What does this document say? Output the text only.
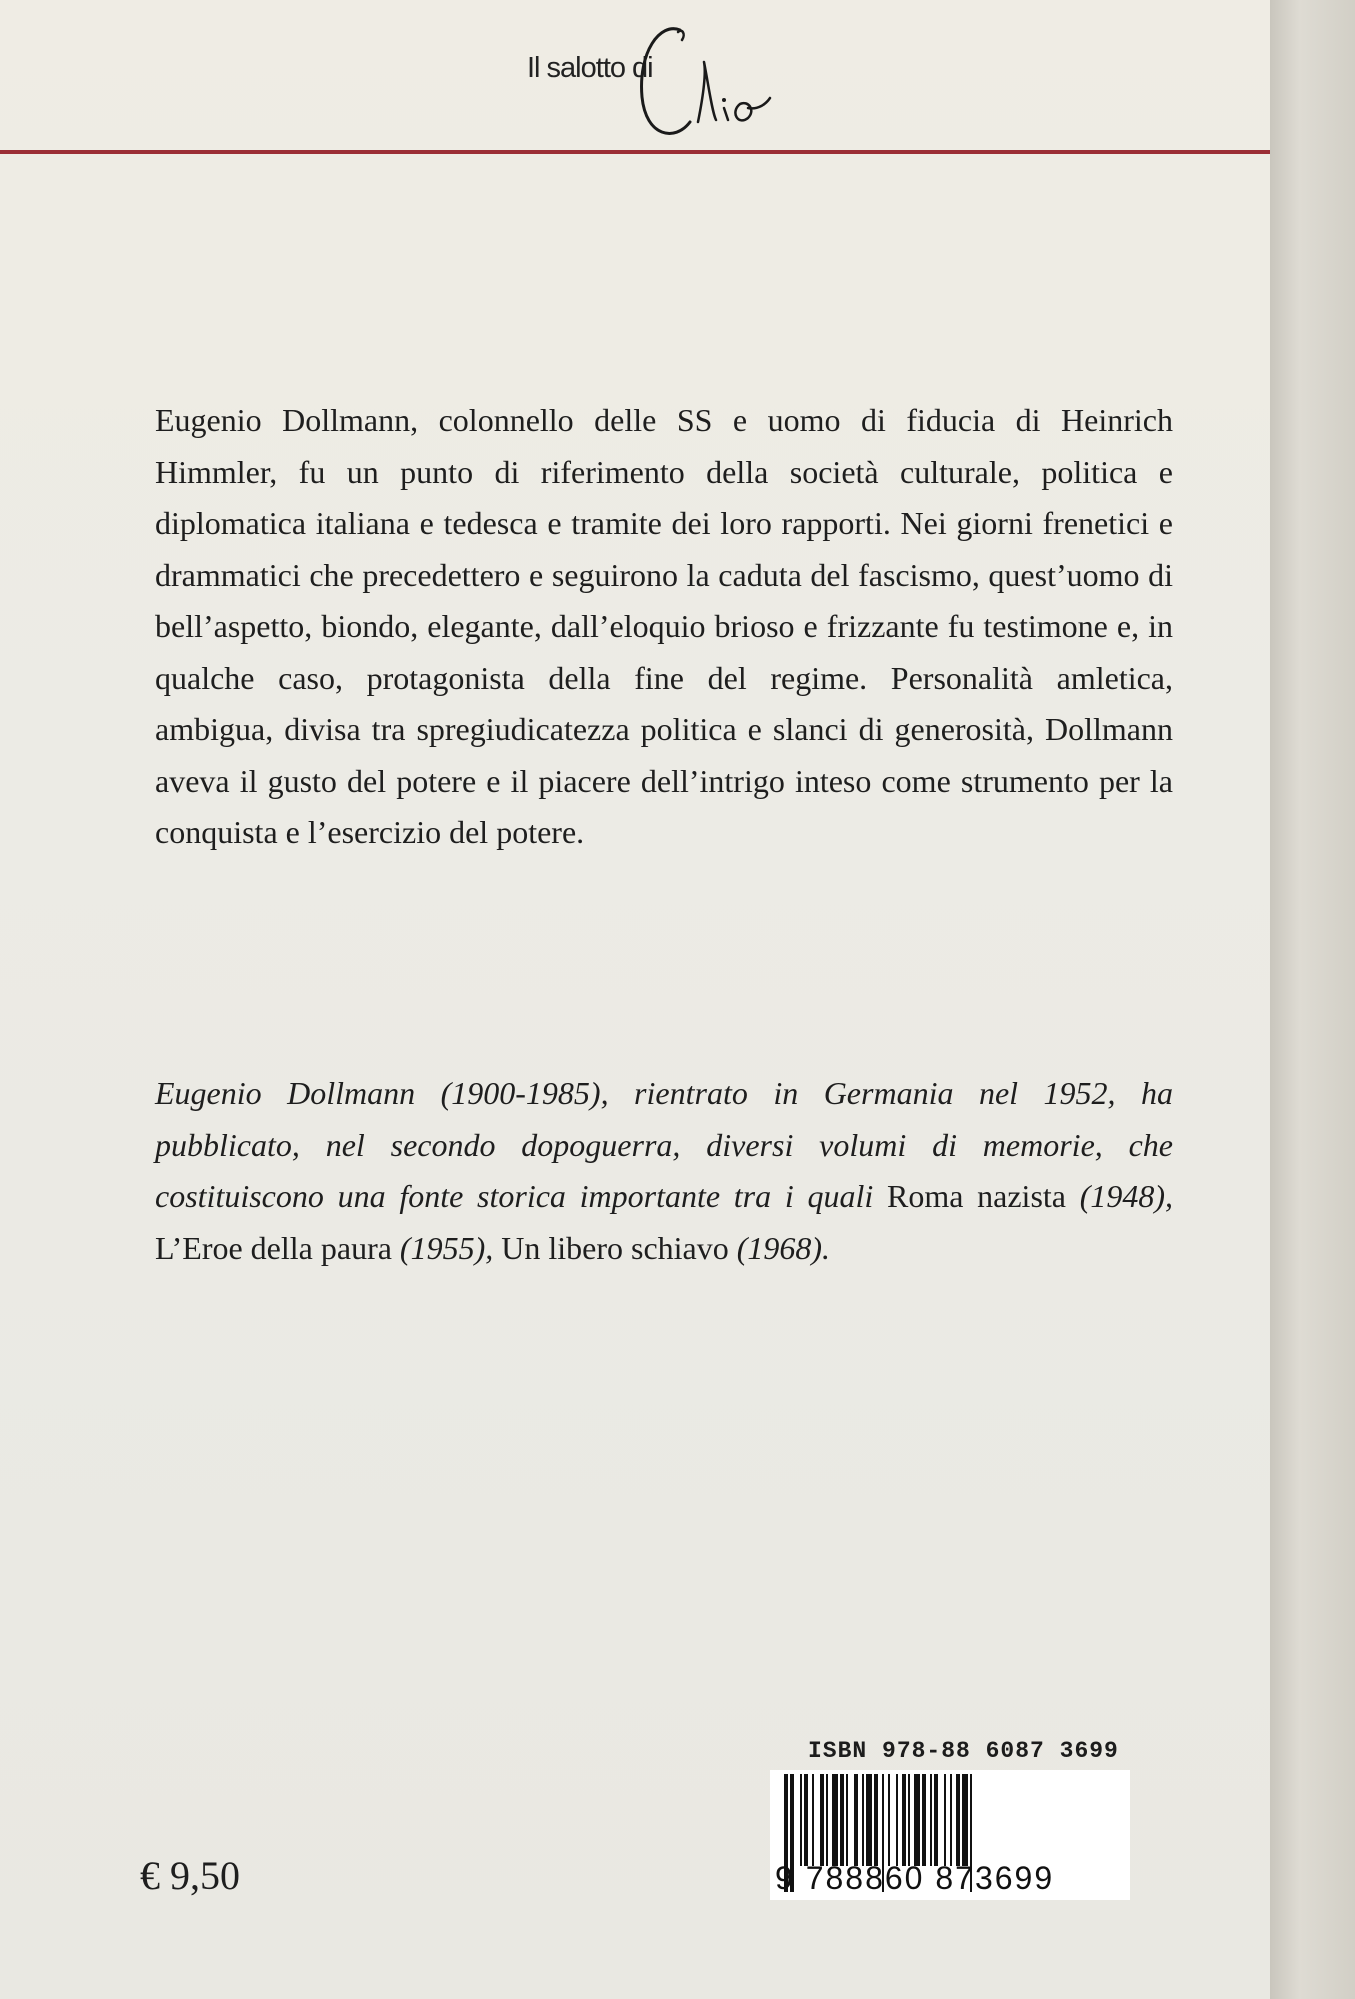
Il salotto di

Eugenio Dollmann, colonnello delle SS e uomo di fiducia di Heinrich Himmler, fu un punto di riferimento della società culturale, politica e diplomatica italiana e tedesca e tramite dei loro rapporti. Nei giorni frenetici e drammatici che precedettero e seguirono la caduta del fascismo, quest’uomo di bell’aspetto, biondo, elegante, dall’eloquio brioso e frizzante fu testimone e, in qualche caso, protagonista della fine del regime. Personalità amletica, ambigua, divisa tra spregiudicatezza politica e slanci di generosità, Dollmann aveva il gusto del potere e il piacere dell’intrigo inteso come strumento per la conquista e l’esercizio del potere.

Eugenio Dollmann (1900-1985), rientrato in Germania nel 1952, ha pubblicato, nel secondo dopoguerra, diversi volumi di memorie, che costituiscono una fonte storica importante tra i quali Roma nazista (1948), L’Eroe della paura (1955), Un libero schiavo (1968).

€ 9,50
ISBN 978-88 6087 3699
9 788860 873699
